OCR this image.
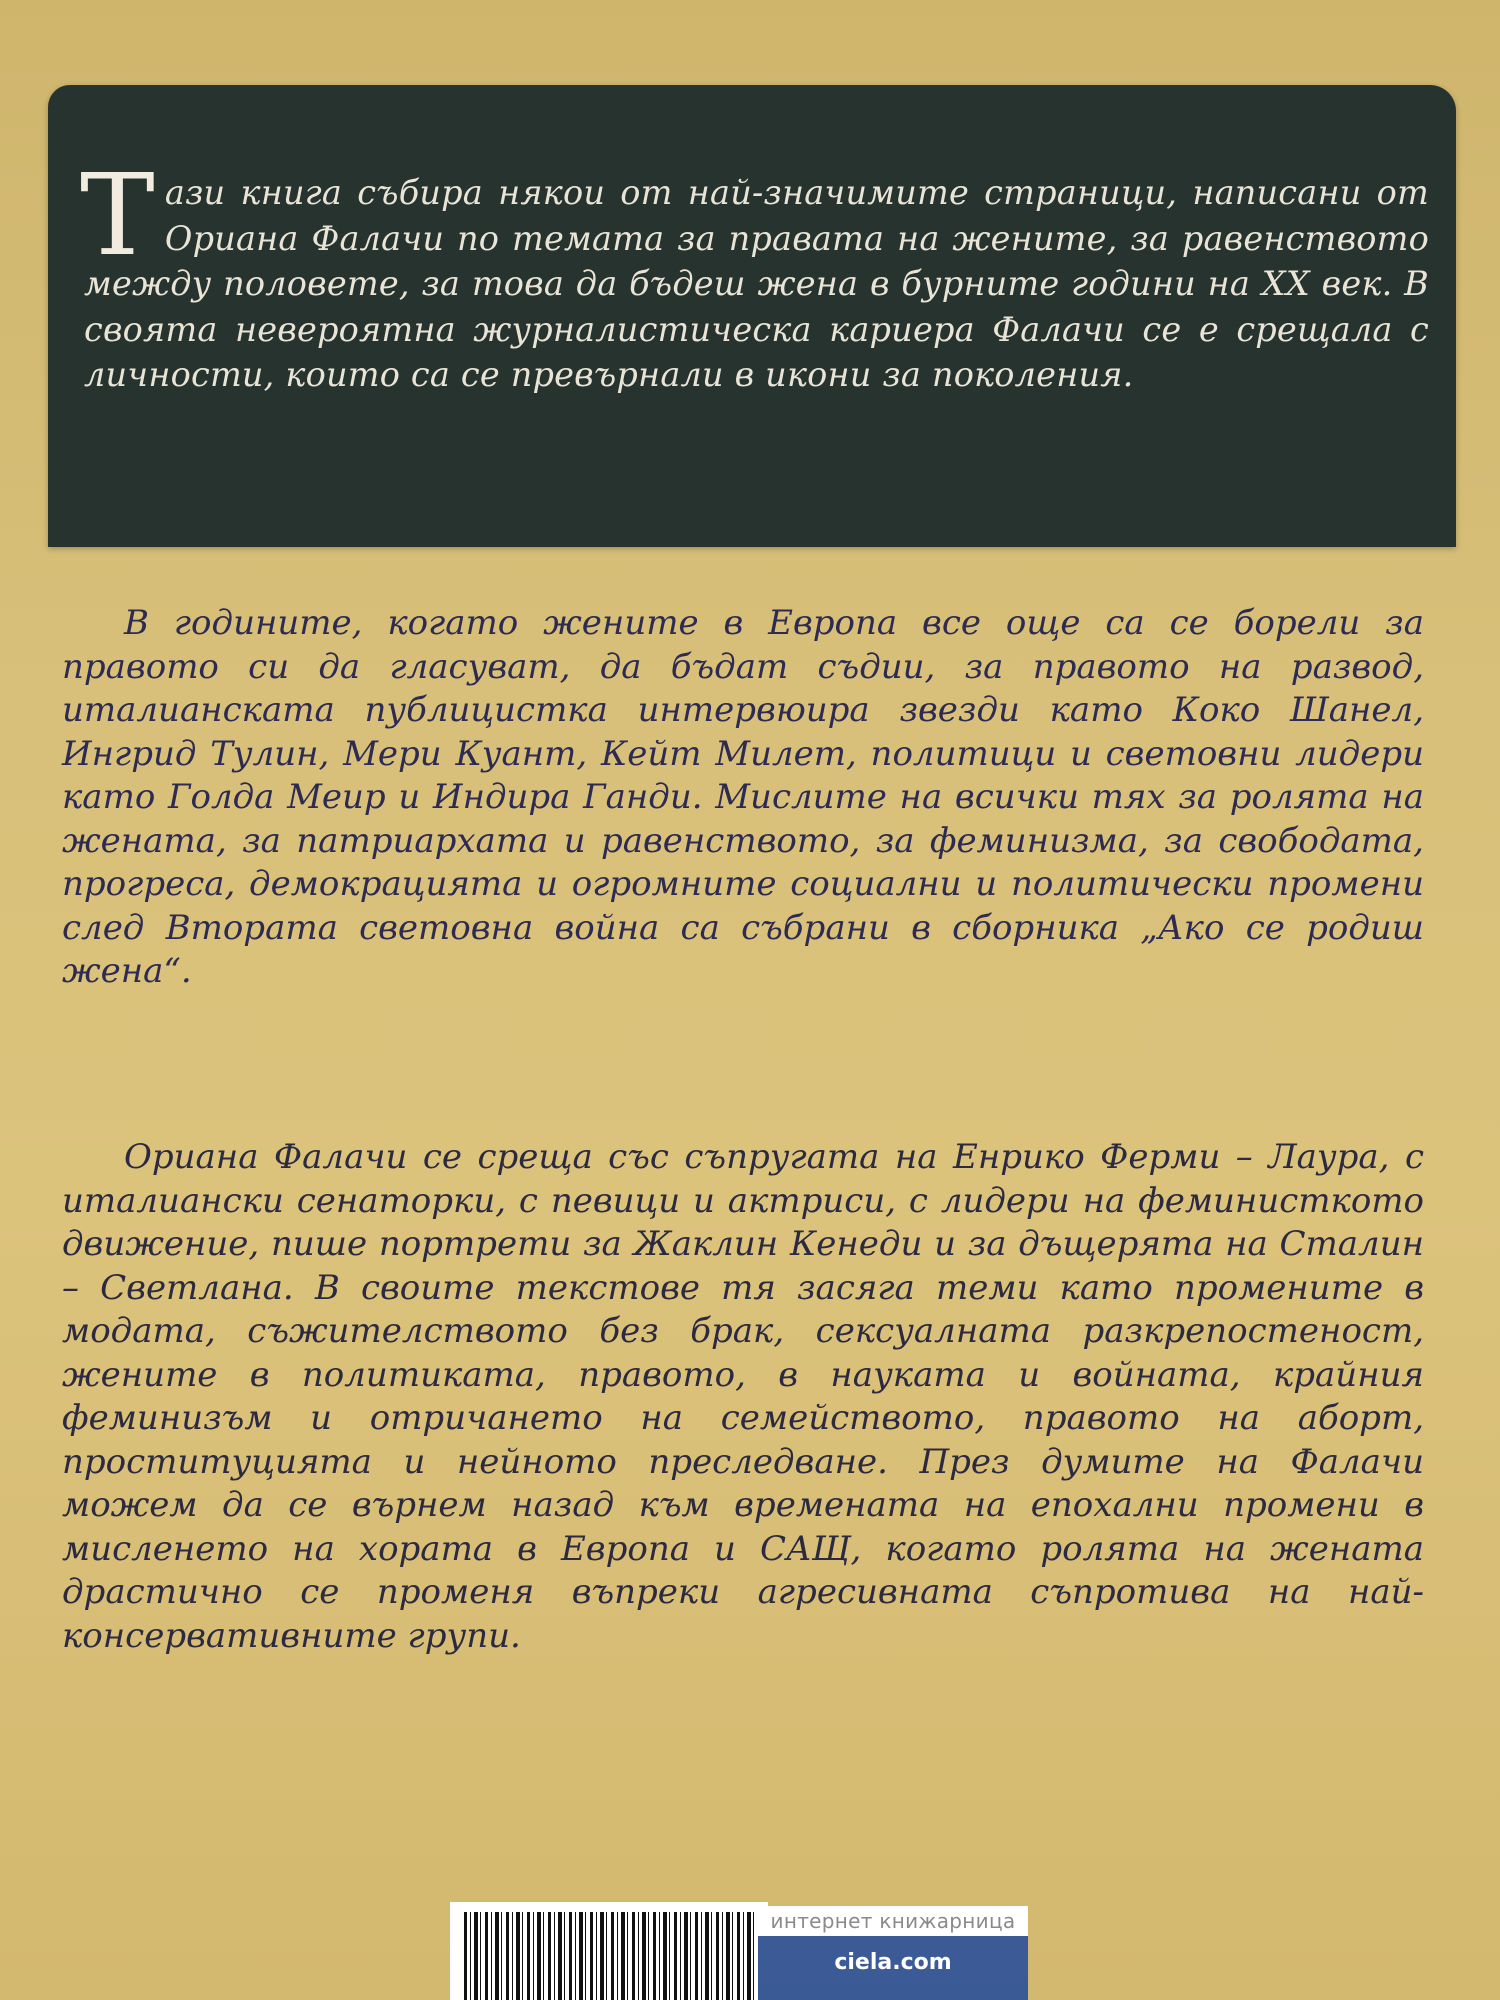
Тази книга събира някои от най-значимите страници, написани от Ориана Фалачи по темата за правата на жените, за равенството между половете, за това да бъдеш жена в бурните години на XX век. В своята невероятна журналистическа кариера Фалачи се е срещала с личности, които са се превърнали в икони за поколения.

В годините, когато жените в Европа все още са се борели за правото си да гласуват, да бъдат съдии, за правото на развод, италианската публицистка интервюира звезди като Коко Шанел, Ингрид Тулин, Мери Куант, Кейт Милет, политици и световни лидери като Голда Меир и Индира Ганди. Мислите на всички тях за ролята на жената, за патриархата и равенството, за феминизма, за свободата, прогреса, демокрацията и огромните социални и политически промени след Втората световна война са събрани в сборника „Ако се родиш жена“.

Ориана Фалачи се среща със съпругата на Енрико Ферми – Лаура, с италиански сенаторки, с певици и актриси, с лидери на феминисткото движение, пише портрети за Жаклин Кенеди и за дъщерята на Сталин – Светлана. В своите текстове тя засяга теми като промените в модата, съжителството без брак, сексуалната разкрепостеност, жените в политиката, правото, в науката и войната, крайния феминизъм и отричането на семейството, правото на аборт, проституцията и нейното преследване. През думите на Фалачи можем да се върнем назад към времената на епохални промени в мисленето на хората в Европа и САЩ, когато ролята на жената драстично се променя въпреки агресивната съпротива на най-консервативните групи.

интернет книжарница
ciela.com
